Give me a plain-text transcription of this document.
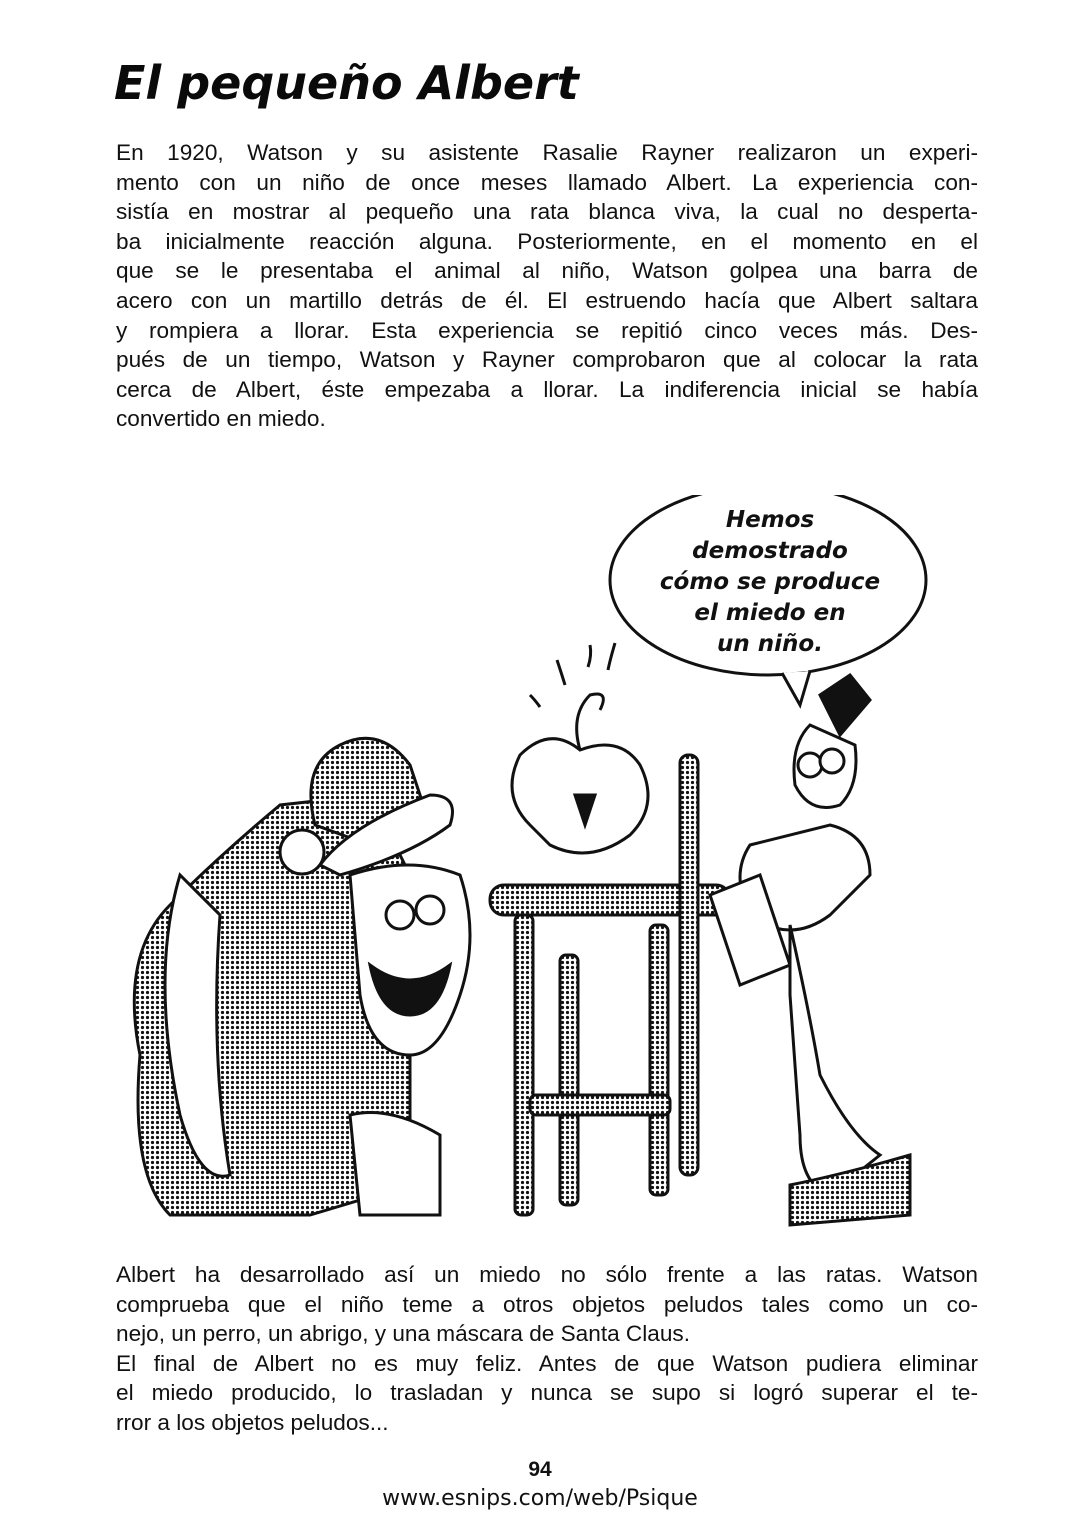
El pequeño Albert

En 1920, Watson y su asistente Rasalie Rayner realizaron un experi-
mento con un niño de once meses llamado Albert. La experiencia con-
sistía en mostrar al pequeño una rata blanca viva, la cual no desperta-
ba inicialmente reacción alguna. Posteriormente, en el momento en el
que se le presentaba el animal al niño, Watson golpea una barra de
acero con un martillo detrás de él. El estruendo hacía que Albert saltara
y rompiera a llorar. Esta experiencia se repitió cinco veces más. Des-
pués de un tiempo, Watson y Rayner comprobaron que al colocar la rata
cerca de Albert, éste empezaba a llorar. La indiferencia inicial se había
convertido en miedo.

Hemos
demostrado
cómo se produce
el miedo en
un niño.

Albert ha desarrollado así un miedo no sólo frente a las ratas. Watson
comprueba que el niño teme a otros objetos peludos tales como un co-
nejo, un perro, un abrigo, y una máscara de Santa Claus.
El final de Albert no es muy feliz. Antes de que Watson pudiera eliminar
el miedo producido, lo trasladan y nunca se supo si logró superar el te-
rror a los objetos peludos...

94
www.esnips.com/web/Psique
